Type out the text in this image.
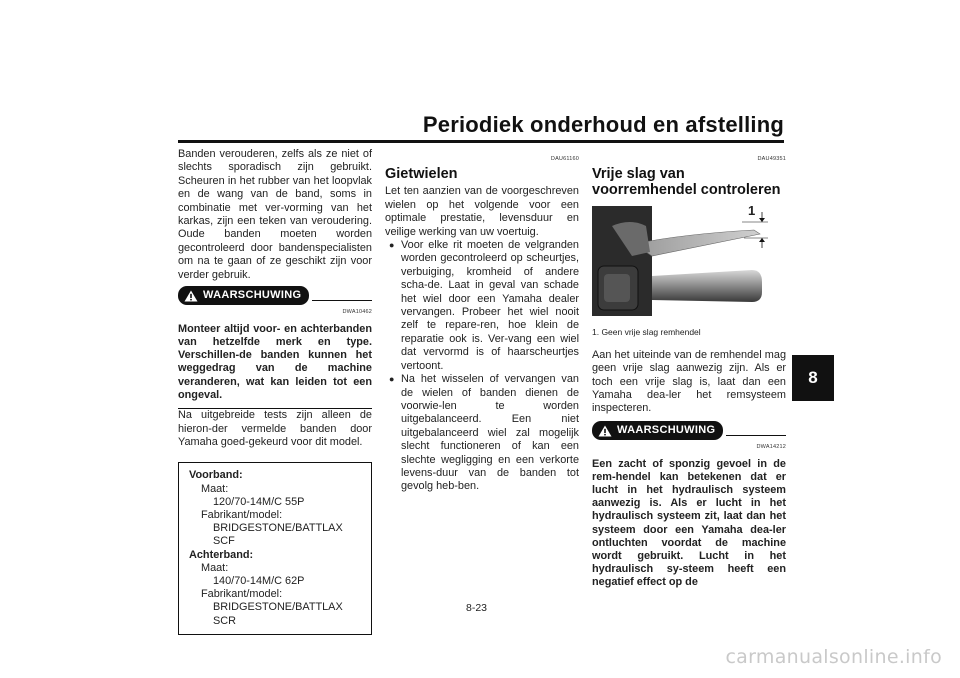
Periodiek onderhoud en afstelling
8

Banden verouderen, zelfs als ze niet of slechts sporadisch zijn gebruikt. Scheuren in het rubber van het loopvlak en de wang van de band, soms in combinatie met ver-vorming van het karkas, zijn een teken van veroudering. Oude banden moeten worden gecontroleerd door bandenspecialisten om na te gaan of ze geschikt zijn voor verder gebruik.

WAARSCHUWING
DWA10462

Monteer altijd voor- en achterbanden van hetzelfde merk en type. Verschillen-de banden kunnen het weggedrag van de machine veranderen, wat kan leiden tot een ongeval.

Na uitgebreide tests zijn alleen de hieron-der vermelde banden door Yamaha goed-gekeurd voor dit model.

Voorband:
Maat:
120/70-14M/C 55P
Fabrikant/model:
BRIDGESTONE/BATTLAX SCF
Achterband:
Maat:
140/70-14M/C 62P
Fabrikant/model:
BRIDGESTONE/BATTLAX SCR
DAU61160
Gietwielen

Let ten aanzien van de voorgeschreven wielen op het volgende voor een optimale prestatie, levensduur en veilige werking van uw voertuig.

● Voor elke rit moeten de velgranden worden gecontroleerd op scheurtjes, verbuiging, kromheid of andere scha-de. Laat in geval van schade het wiel door een Yamaha dealer vervangen. Probeer het wiel nooit zelf te repare-ren, hoe klein de reparatie ook is. Ver-vang een wiel dat vervormd is of haarscheurtjes vertoont.
● Na het wisselen of vervangen van de wielen of banden dienen de voorwie-len te worden uitgebalanceerd. Een niet uitgebalanceerd wiel zal mogelijk slecht functioneren of kan een slechte wegligging en een verkorte levens-duur van de banden tot gevolg heb-ben.
DAU49351
Vrije slag van voorremhendel controleren
1
1. Geen vrije slag remhendel

Aan het uiteinde van de remhendel mag geen vrije slag aanwezig zijn. Als er toch een vrije slag is, laat dan een Yamaha dea-ler het remsysteem inspecteren.

WAARSCHUWING
DWA14212

Een zacht of sponzig gevoel in de rem-hendel kan betekenen dat er lucht in het hydraulisch systeem aanwezig is. Als er lucht in het hydraulisch systeem zit, laat dan het systeem door een Yamaha dea-ler ontluchten voordat de machine wordt gebruikt. Lucht in het hydraulisch sy-steem heeft een negatief effect op de

8-23
carmanualsonline.info
